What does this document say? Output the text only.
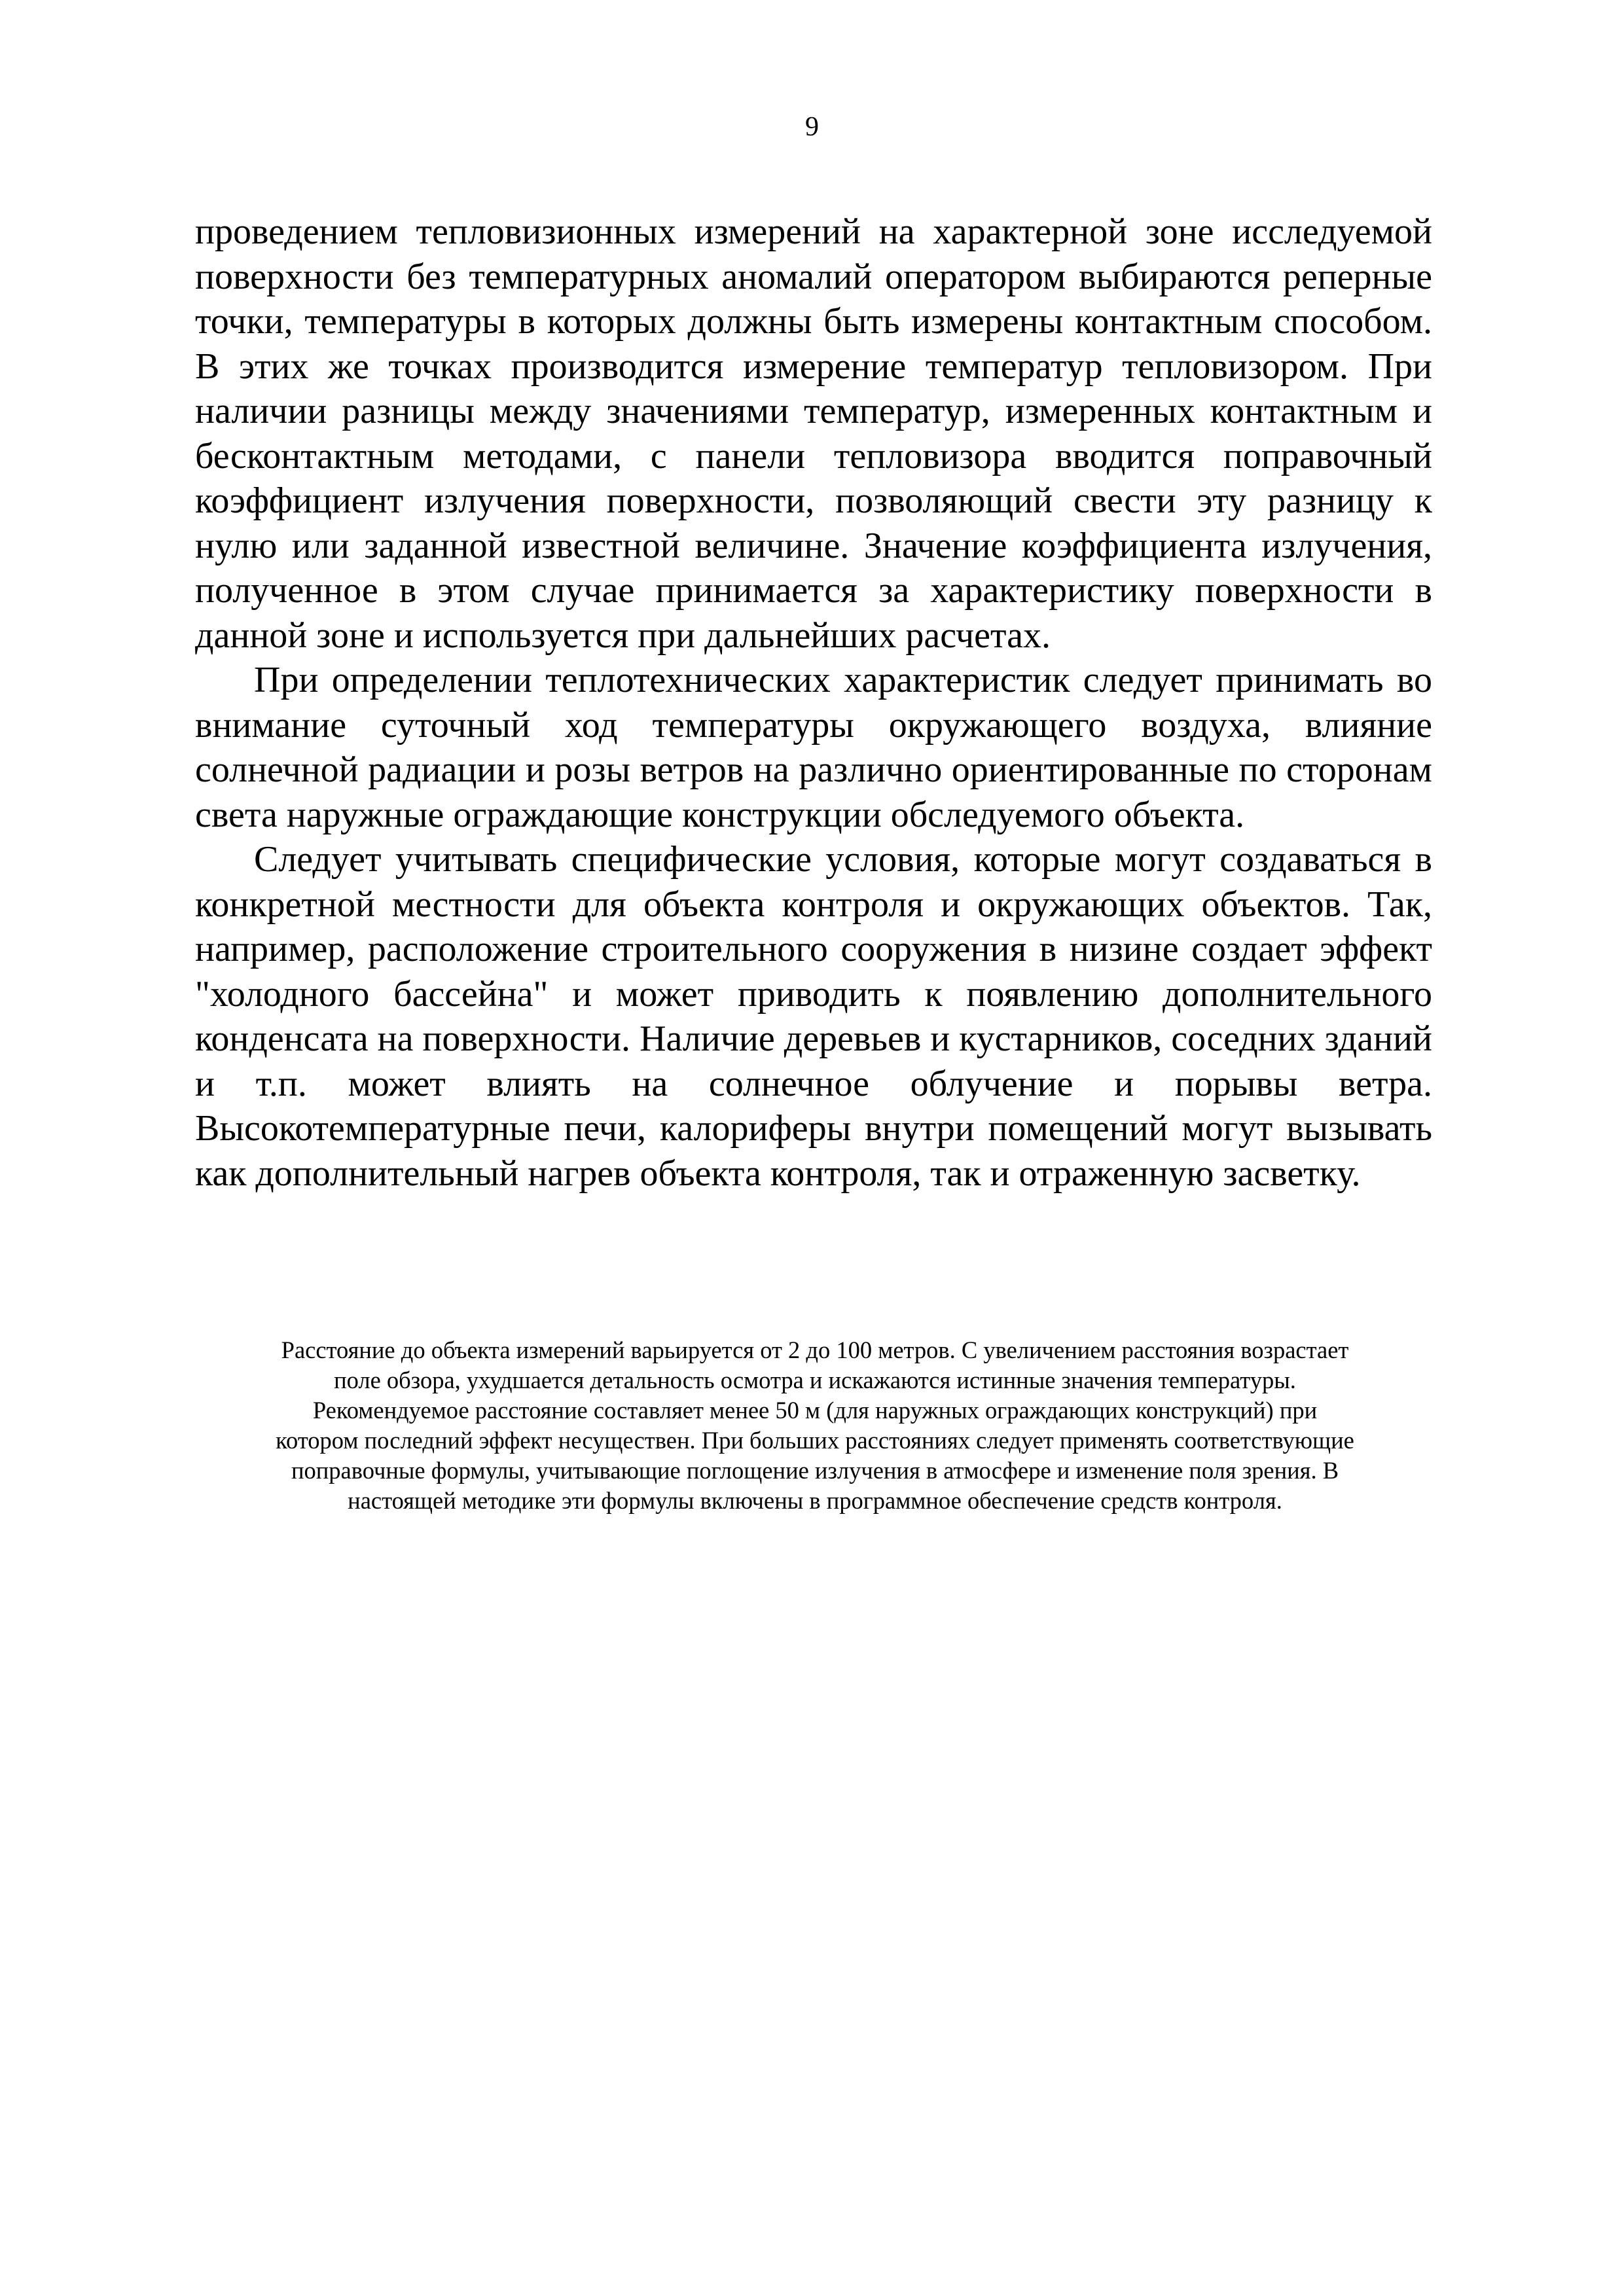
9

проведением тепловизионных измерений на характерной зоне исследуемой поверхности без температурных аномалий оператором выбираются реперные точки, температуры в которых должны быть измерены контактным способом. В этих же точках производится измерение температур тепловизором. При наличии разницы между значениями температур, измеренных контактным и бесконтактным методами, с панели тепловизора вводится поправочный коэффициент излучения поверхности, позволяющий свести эту разницу к нулю или заданной известной величине. Значение коэффициента излучения, полученное в этом случае принимается за характеристику поверхности в данной зоне и используется при дальнейших расчетах.

При определении теплотехнических характеристик следует принимать во внимание суточный ход температуры окружающего воздуха, влияние солнечной радиации и розы ветров на различно ориентированные по сторонам света наружные ограждающие конструкции обследуемого объекта.

Следует учитывать специфические условия, которые могут создаваться в конкретной местности для объекта контроля и окружающих объектов. Так, например, расположение строительного сооружения в низине создает эффект "холодного бассейна" и может приводить к появлению дополнительного конденсата на поверхности. Наличие деревьев и кустарников, соседних зданий и т.п. может влиять на солнечное облучение и порывы ветра. Высокотемпературные печи, калориферы внутри помещений могут вызывать как дополнительный нагрев объекта контроля, так и отраженную засветку.

Расстояние до объекта измерений варьируется от 2 до 100 метров. С увеличением расстояния возрастает
поле обзора, ухудшается детальность осмотра и искажаются истинные значения температуры.
Рекомендуемое расстояние составляет менее 50 м (для наружных ограждающих конструкций) при
котором последний эффект несуществен. При больших расстояниях следует применять соответствующие
поправочные формулы, учитывающие поглощение излучения в атмосфере и изменение поля зрения. В
настоящей методике эти формулы включены в программное обеспечение средств контроля.
